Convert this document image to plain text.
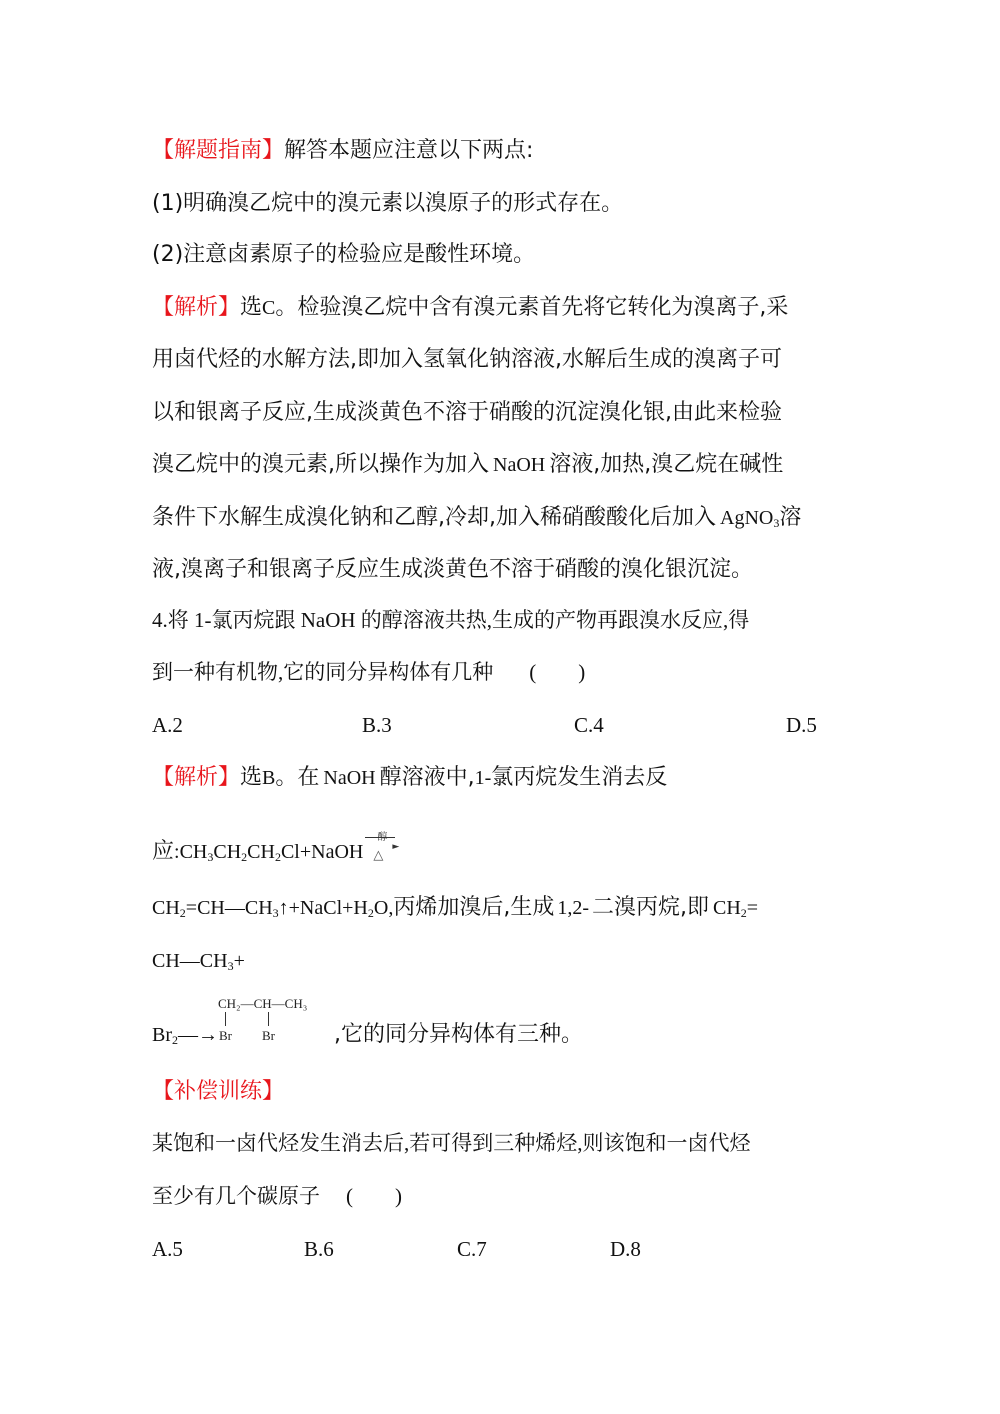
【解题指南】解答本题应注意以下两点:
(1)明确溴乙烷中的溴元素以溴原子的形式存在。
(2)注意卤素原子的检验应是酸性环境。
【解析】选C。检验溴乙烷中含有溴元素首先将它转化为溴离子,采
用卤代烃的水解方法,即加入氢氧化钠溶液,水解后生成的溴离子可
以和银离子反应,生成淡黄色不溶于硝酸的沉淀溴化银,由此来检验
溴乙烷中的溴元素,所以操作为加入 NaOH 溶液,加热,溴乙烷在碱性
条件下水解生成溴化钠和乙醇,冷却,加入稀硝酸酸化后加入 AgNO$_3$溶
液,溴离子和银离子反应生成淡黄色不溶于硝酸的溴化银沉淀。
4.将 1-氯丙烷跟 NaOH 的醇溶液共热,生成的产物再跟溴水反应,得
到一种有机物,它的同分异构体有几种 (　　)
A.2	B.3	C.4	D.5
【解析】选B。在 NaOH 醇溶液中,1-氯丙烷发生消去反
应$:CH_3CH_2CH_2Cl+NaOH$
醇
►
△
$CH_2=CH—CH_3↑+NaCl+H_2O$,丙烯加溴后,生成 1,2- 二溴丙烷,即 $CH_2=$
$CH—CH_3+$
$Br_2—\to$
CH₂—CH—CH₃
Br Br	,它的同分异构体有三种。
【补偿训练】
某饱和一卤代烃发生消去后,若可得到三种烯烃,则该饱和一卤代烃
至少有几个碳原子 (　　)
A.5	B.6	C.7	D.8
